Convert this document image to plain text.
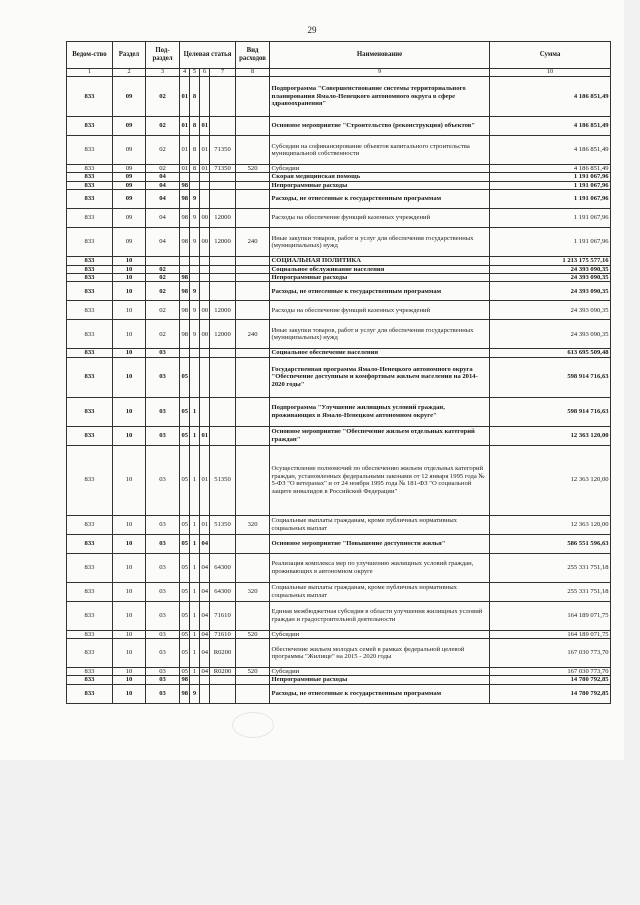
29
Ведом-ство	Раздел	Под-раздел	Целевая статья				Вид расходов	Наименование	Сумма
1	2	3	4	5	6	7	8	9	10
833	09	02	01	8				Подпрограмма "Совершенствование системы территориального планирования Ямало-Ненецкого автономного округа в сфере здравоохранения"	4 186 851,49
833	09	02	01	8	01			Основное мероприятие "Строительство (реконструкция) объектов"	4 186 851,49
833	09	02	01	8	01	71350		Субсидии на софинансирование объектов капитального строительства муниципальной собственности	4 186 851,49
833	09	02	01	8	01	71350	520	Субсидии	4 186 851,49
833	09	04						Скорая медицинская помощь	1 191 067,96
833	09	04	98					Непрограммные расходы	1 191 067,96
833	09	04	98	9				Расходы, не отнесенные к государственным программам	1 191 067,96
833	09	04	98	9	00	12000		Расходы на обеспечение функций казенных учреждений	1 191 067,96
833	09	04	98	9	00	12000	240	Иные закупки товаров, работ и услуг для обеспечения государственных (муниципальных) нужд	1 191 067,96
833	10							СОЦИАЛЬНАЯ ПОЛИТИКА	1 213 175 577,16
833	10	02						Социальное обслуживание населения	24 393 090,35
833	10	02	98					Непрограммные расходы	24 393 090,35
833	10	02	98	9				Расходы, не отнесенные к государственным программам	24 393 090,35
833	10	02	98	9	00	12000		Расходы на обеспечение функций казенных учреждений	24 393 090,35
833	10	02	98	9	00	12000	240	Иные закупки товаров, работ и услуг для обеспечения государственных (муниципальных) нужд	24 393 090,35
833	10	03						Социальное обеспечение населения	613 695 509,48
833	10	03	05					Государственная программа Ямало-Ненецкого автономного округа "Обеспечение доступным и комфортным жильем населения на 2014-2020 годы"	598 914 716,63
833	10	03	05	1				Подпрограмма "Улучшение жилищных условий граждан, проживающих в Ямало-Ненецком автономном округе"	598 914 716,63
833	10	03	05	1	01			Основное мероприятие "Обеспечение жильем отдельных категорий граждан"	12 363 120,00
833	10	03	05	1	01	51350		Осуществление полномочий по обеспечению жильем отдельных категорий граждан, установленных федеральными законами от 12 января 1995 года № 5-ФЗ "О ветеранах" и от 24 ноября 1995 года № 181-ФЗ "О социальной защите инвалидов в Российской Федерации"	12 363 120,00
833	10	03	05	1	01	51350	320	Социальные выплаты гражданам, кроме публичных нормативных социальных выплат	12 363 120,00
833	10	03	05	1	04			Основное мероприятие "Повышение доступности жилья"	586 551 596,63
833	10	03	05	1	04	64300		Реализация комплекса мер по улучшению жилищных условий граждан, проживающих в автономном округе	255 331 751,18
833	10	03	05	1	04	64300	320	Социальные выплаты гражданам, кроме публичных нормативных социальных выплат	255 331 751,18
833	10	03	05	1	04	71610		Единая межбюджетная субсидия в области улучшения жилищных условий граждан и градостроительной деятельности	164 189 071,75
833	10	03	05	1	04	71610	520	Субсидии	164 189 071,75
833	10	03	05	1	04	R0200		Обеспечение жильем молодых семей в рамках федеральной целевой программы "Жилище" на 2015 - 2020 годы	167 030 773,70
833	10	03	05	1	04	R0200	520	Субсидии	167 030 773,70
833	10	03	98					Непрограммные расходы	14 780 792,85
833	10	03	98	9				Расходы, не отнесенные к государственным программам	14 780 792,85
